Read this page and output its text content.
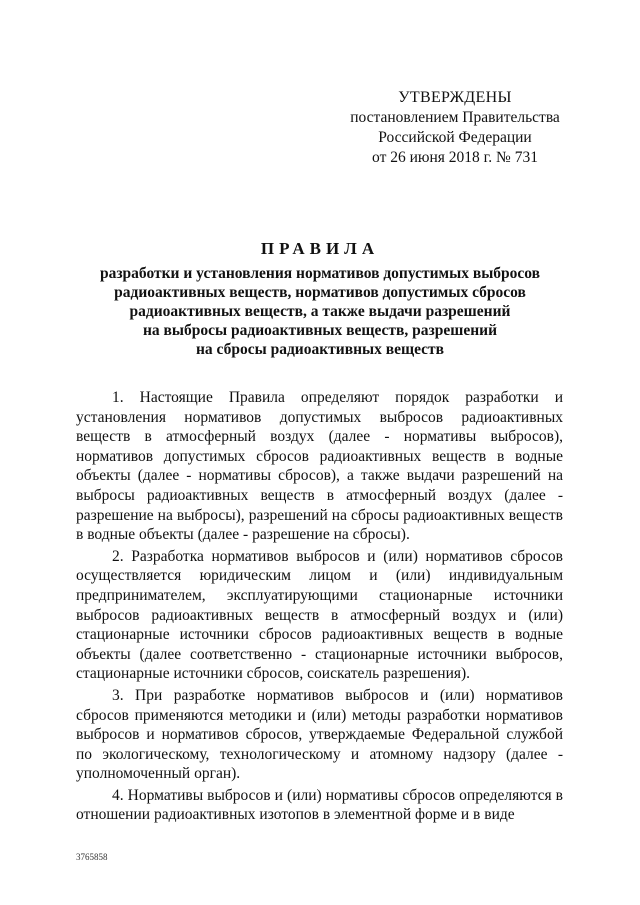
УТВЕРЖДЕНЫ
постановлением Правительства
Российской Федерации
от 26 июня 2018 г. № 731
ПРАВИЛА
разработки и установления нормативов допустимых выбросов
радиоактивных веществ, нормативов допустимых сбросов
радиоактивных веществ, а также выдачи разрешений
на выбросы радиоактивных веществ, разрешений
на сбросы радиоактивных веществ

1. Настоящие Правила определяют порядок разработки и установления нормативов допустимых выбросов радиоактивных веществ в атмосферный воздух (далее - нормативы выбросов), нормативов допустимых сбросов радиоактивных веществ в водные объекты (далее - нормативы сбросов), а также выдачи разрешений на выбросы радиоактивных веществ в атмосферный воздух (далее - разрешение на выбросы), разрешений на сбросы радиоактивных веществ в водные объекты (далее - разрешение на сбросы).

2. Разработка нормативов выбросов и (или) нормативов сбросов осуществляется юридическим лицом и (или) индивидуальным предпринимателем, эксплуатирующими стационарные источники выбросов радиоактивных веществ в атмосферный воздух и (или) стационарные источники сбросов радиоактивных веществ в водные объекты (далее соответственно - стационарные источники выбросов, стационарные источники сбросов, соискатель разрешения).

3. При разработке нормативов выбросов и (или) нормативов сбросов применяются методики и (или) методы разработки нормативов выбросов и нормативов сбросов, утверждаемые Федеральной службой по экологическому, технологическому и атомному надзору (далее - уполномоченный орган).

4. Нормативы выбросов и (или) нормативы сбросов определяются в отношении радиоактивных изотопов в элементной форме и в виде

3765858
